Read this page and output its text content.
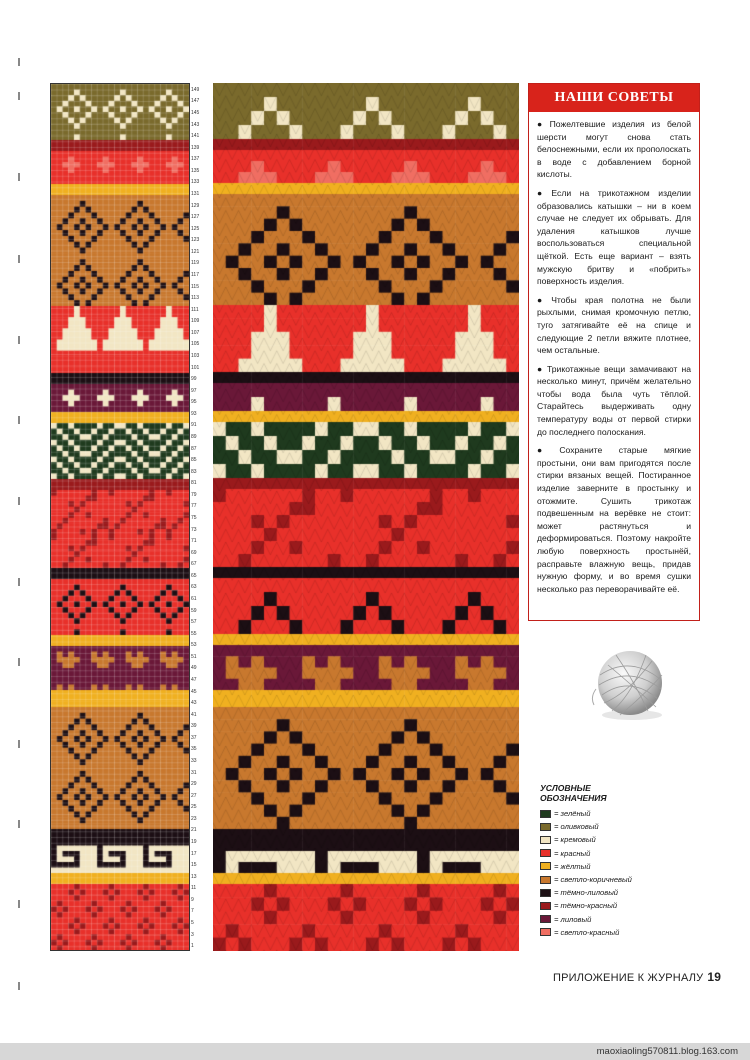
1
3
5
7
9
11
13
15
17
19
21
23
25
27
29
31
33
35
37
39
41
43
45
47
49
51
53
55
57
59
61
63
65
67
69
71
73
75
77
79
81
83
85
87
89
91
93
95
97
99
101
103
105
107
109
111
113
115
117
119
121
123
125
127
129
131
133
135
137
139
141
143
145
147
149
НАШИ СОВЕТЫ

● Пожелтевшие изделия из белой шерсти могут снова стать белоснежными, если их прополоскать в воде с добавлением борной кислоты.

● Если на трикотажном изделии образовались катышки – ни в коем случае не следует их обрывать. Для удаления катышков лучше воспользоваться специальной щёткой. Есть еще вариант – взять мужскую бритву и «побрить» поверхность изделия.

● Чтобы края полотна не были рыхлыми, снимая кромочную петлю, туго затягивайте её на спице и следующие 2 петли вяжите плотнее, чем остальные.

● Трикотажные вещи замачивают на несколько минут, причём желательно чтобы вода была чуть тёплой. Старайтесь выдерживать одну температуру воды от первой стирки до последнего полоскания.

● Сохраните старые мягкие простыни, они вам пригодятся после стирки вязаных вещей. Постиранное изделие заверните в простынку и отожмите. Сушить трикотаж подвешенным на верёвке не стоит: может растянуться и деформироваться. Поэтому накройте любую поверхность простынёй, расправьте влажную вещь, придав нужную форму, и во время сушки несколько раз переворачивайте её.

УСЛОВНЫЕ
ОБОЗНАЧЕНИЯ
= зелёный
= оливковый
= кремовый
= красный
= жёлтый
= светло-коричневый
= тёмно-лиловый
= тёмно-красный
= лиловый
= светло-красный
ПРИЛОЖЕНИЕ К ЖУРНАЛУ 19
maoxiaoling570811.blog.163.com
